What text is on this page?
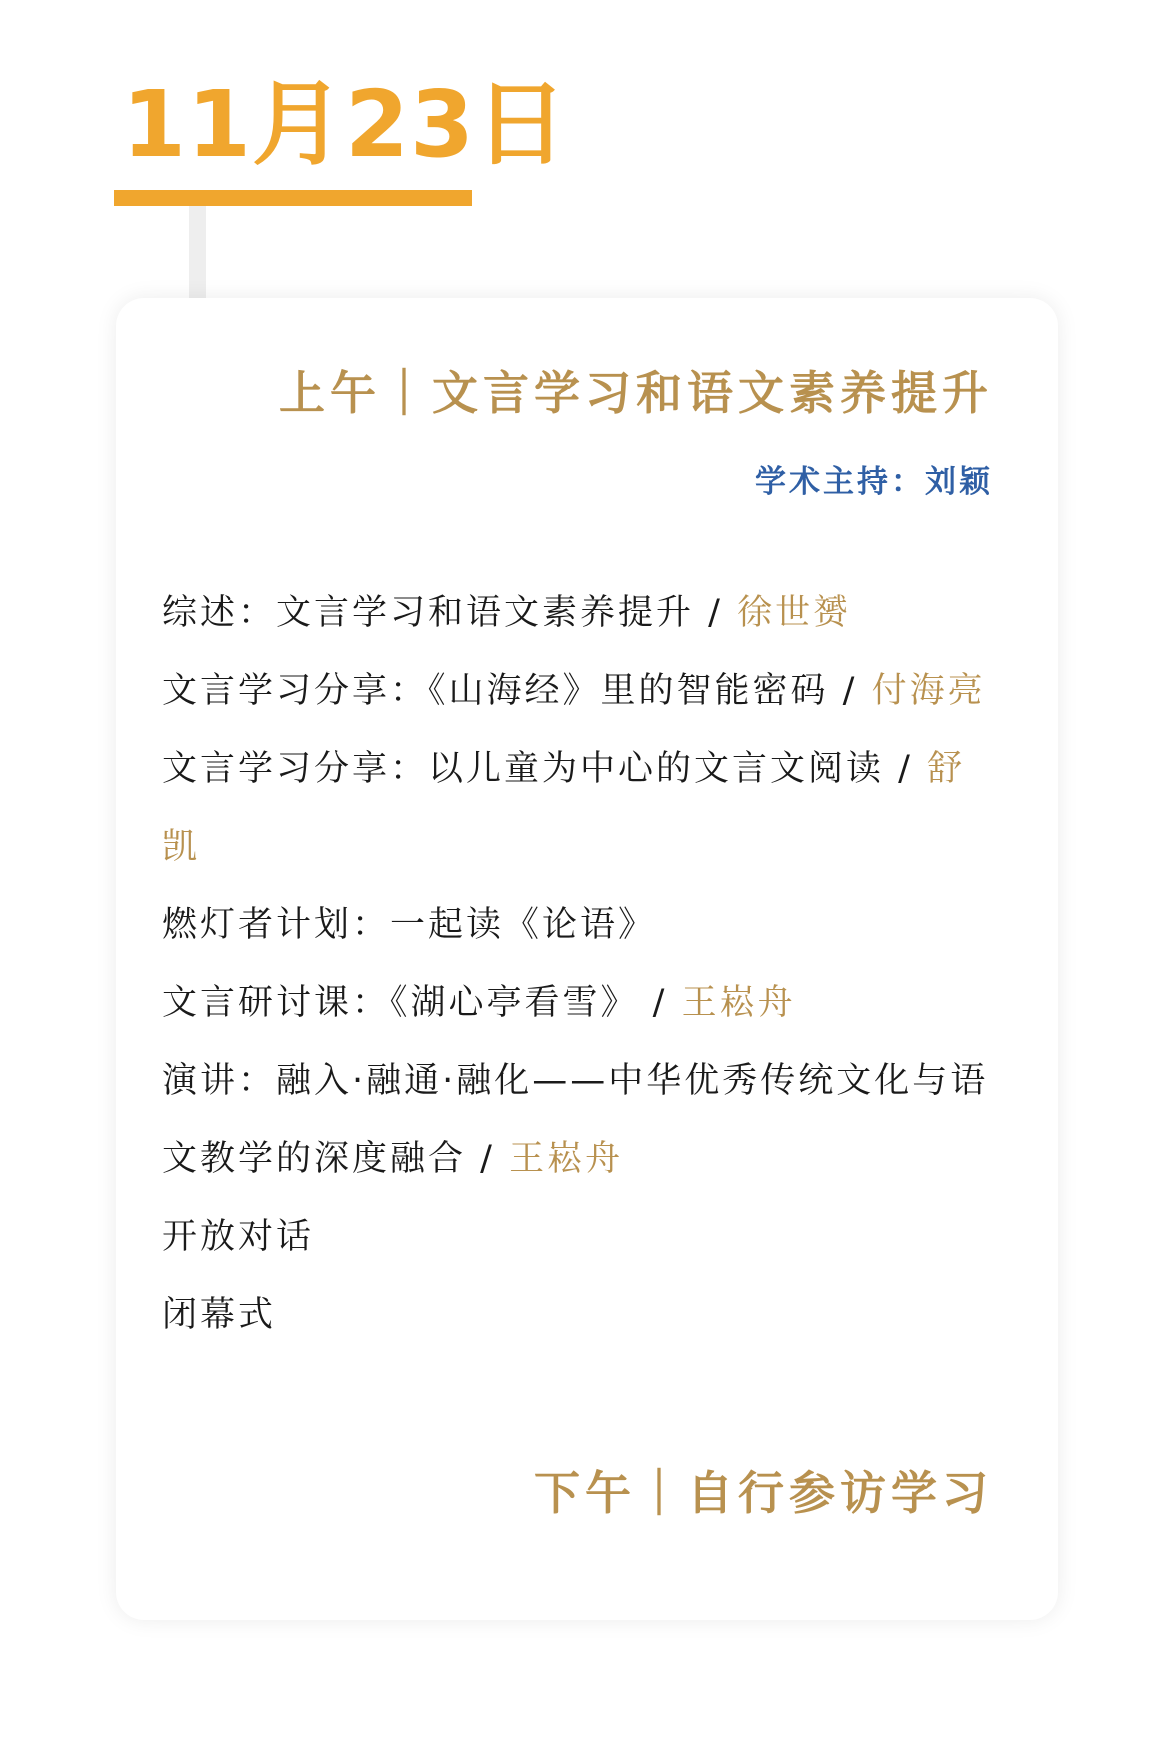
11月23日
上午｜文言学习和语文素养提升
学术主持：刘颖
综述：文言学习和语文素养提升 / 徐世赟
文言学习分享：《山海经》里的智能密码 / 付海亮
文言学习分享：以儿童为中心的文言文阅读 / 舒凯
燃灯者计划：一起读《论语》
文言研讨课：《湖心亭看雪》 / 王崧舟
演讲：融入·融通·融化——中华优秀传统文化与语文教学的深度融合 / 王崧舟
开放对话
闭幕式
下午｜自行参访学习
